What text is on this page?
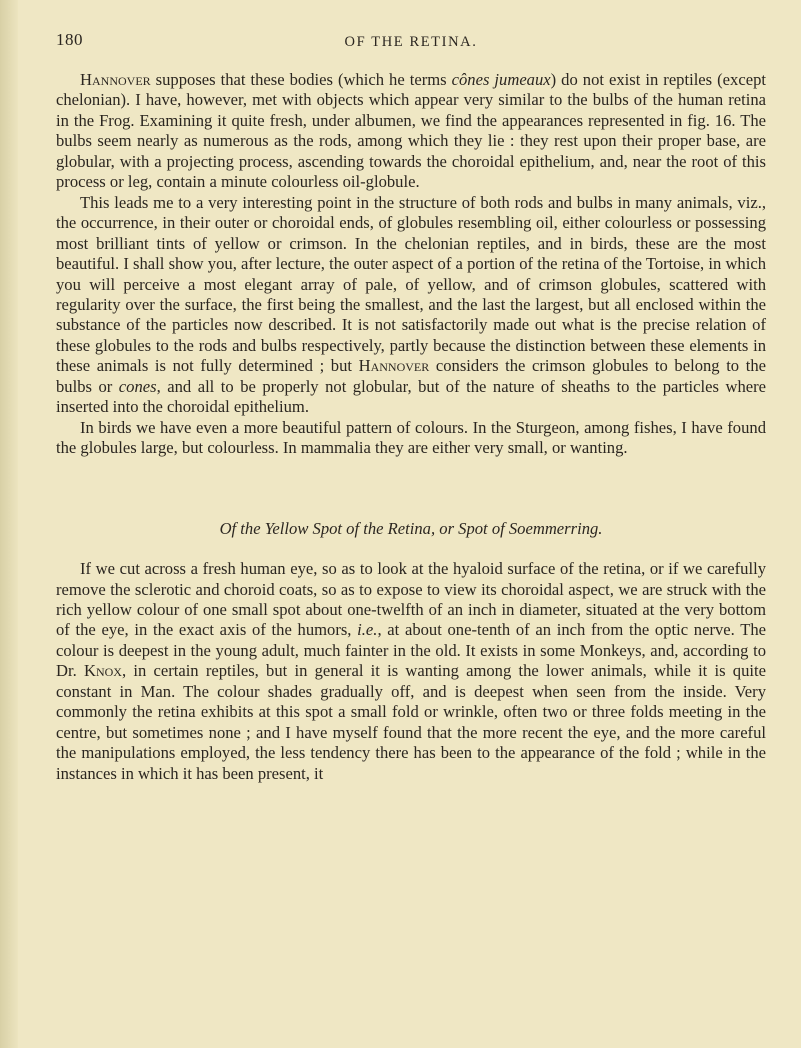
180	OF THE RETINA.

Hannover supposes that these bodies (which he terms cônes jumeaux) do not exist in reptiles (except chelonian). I have, however, met with objects which appear very similar to the bulbs of the human retina in the Frog. Examining it quite fresh, under albumen, we find the appearances represented in fig. 16. The bulbs seem nearly as numerous as the rods, among which they lie : they rest upon their proper base, are globular, with a projecting process, ascending towards the choroidal epithelium, and, near the root of this process or leg, contain a minute colourless oil-globule.

This leads me to a very interesting point in the structure of both rods and bulbs in many animals, viz., the occurrence, in their outer or choroidal ends, of globules resembling oil, either colourless or possessing most brilliant tints of yellow or crimson. In the chelonian reptiles, and in birds, these are the most beautiful. I shall show you, after lecture, the outer aspect of a portion of the retina of the Tortoise, in which you will perceive a most elegant array of pale, of yellow, and of crimson globules, scattered with regularity over the surface, the first being the smallest, and the last the largest, but all enclosed within the substance of the particles now described. It is not satisfactorily made out what is the precise relation of these globules to the rods and bulbs respectively, partly because the distinction between these elements in these animals is not fully determined ; but Hannover considers the crimson globules to belong to the bulbs or cones, and all to be properly not globular, but of the nature of sheaths to the particles where inserted into the choroidal epithelium.

In birds we have even a more beautiful pattern of colours. In the Sturgeon, among fishes, I have found the globules large, but colourless. In mammalia they are either very small, or wanting.

Of the Yellow Spot of the Retina, or Spot of Soemmerring.

If we cut across a fresh human eye, so as to look at the hyaloid surface of the retina, or if we carefully remove the sclerotic and choroid coats, so as to expose to view its choroidal aspect, we are struck with the rich yellow colour of one small spot about one-twelfth of an inch in diameter, situated at the very bottom of the eye, in the exact axis of the humors, i.e., at about one-tenth of an inch from the optic nerve. The colour is deepest in the young adult, much fainter in the old. It exists in some Monkeys, and, according to Dr. Knox, in certain reptiles, but in general it is wanting among the lower animals, while it is quite constant in Man. The colour shades gradually off, and is deepest when seen from the inside. Very commonly the retina exhibits at this spot a small fold or wrinkle, often two or three folds meeting in the centre, but sometimes none ; and I have myself found that the more recent the eye, and the more careful the manipulations employed, the less tendency there has been to the appearance of the fold ; while in the instances in which it has been present, it
